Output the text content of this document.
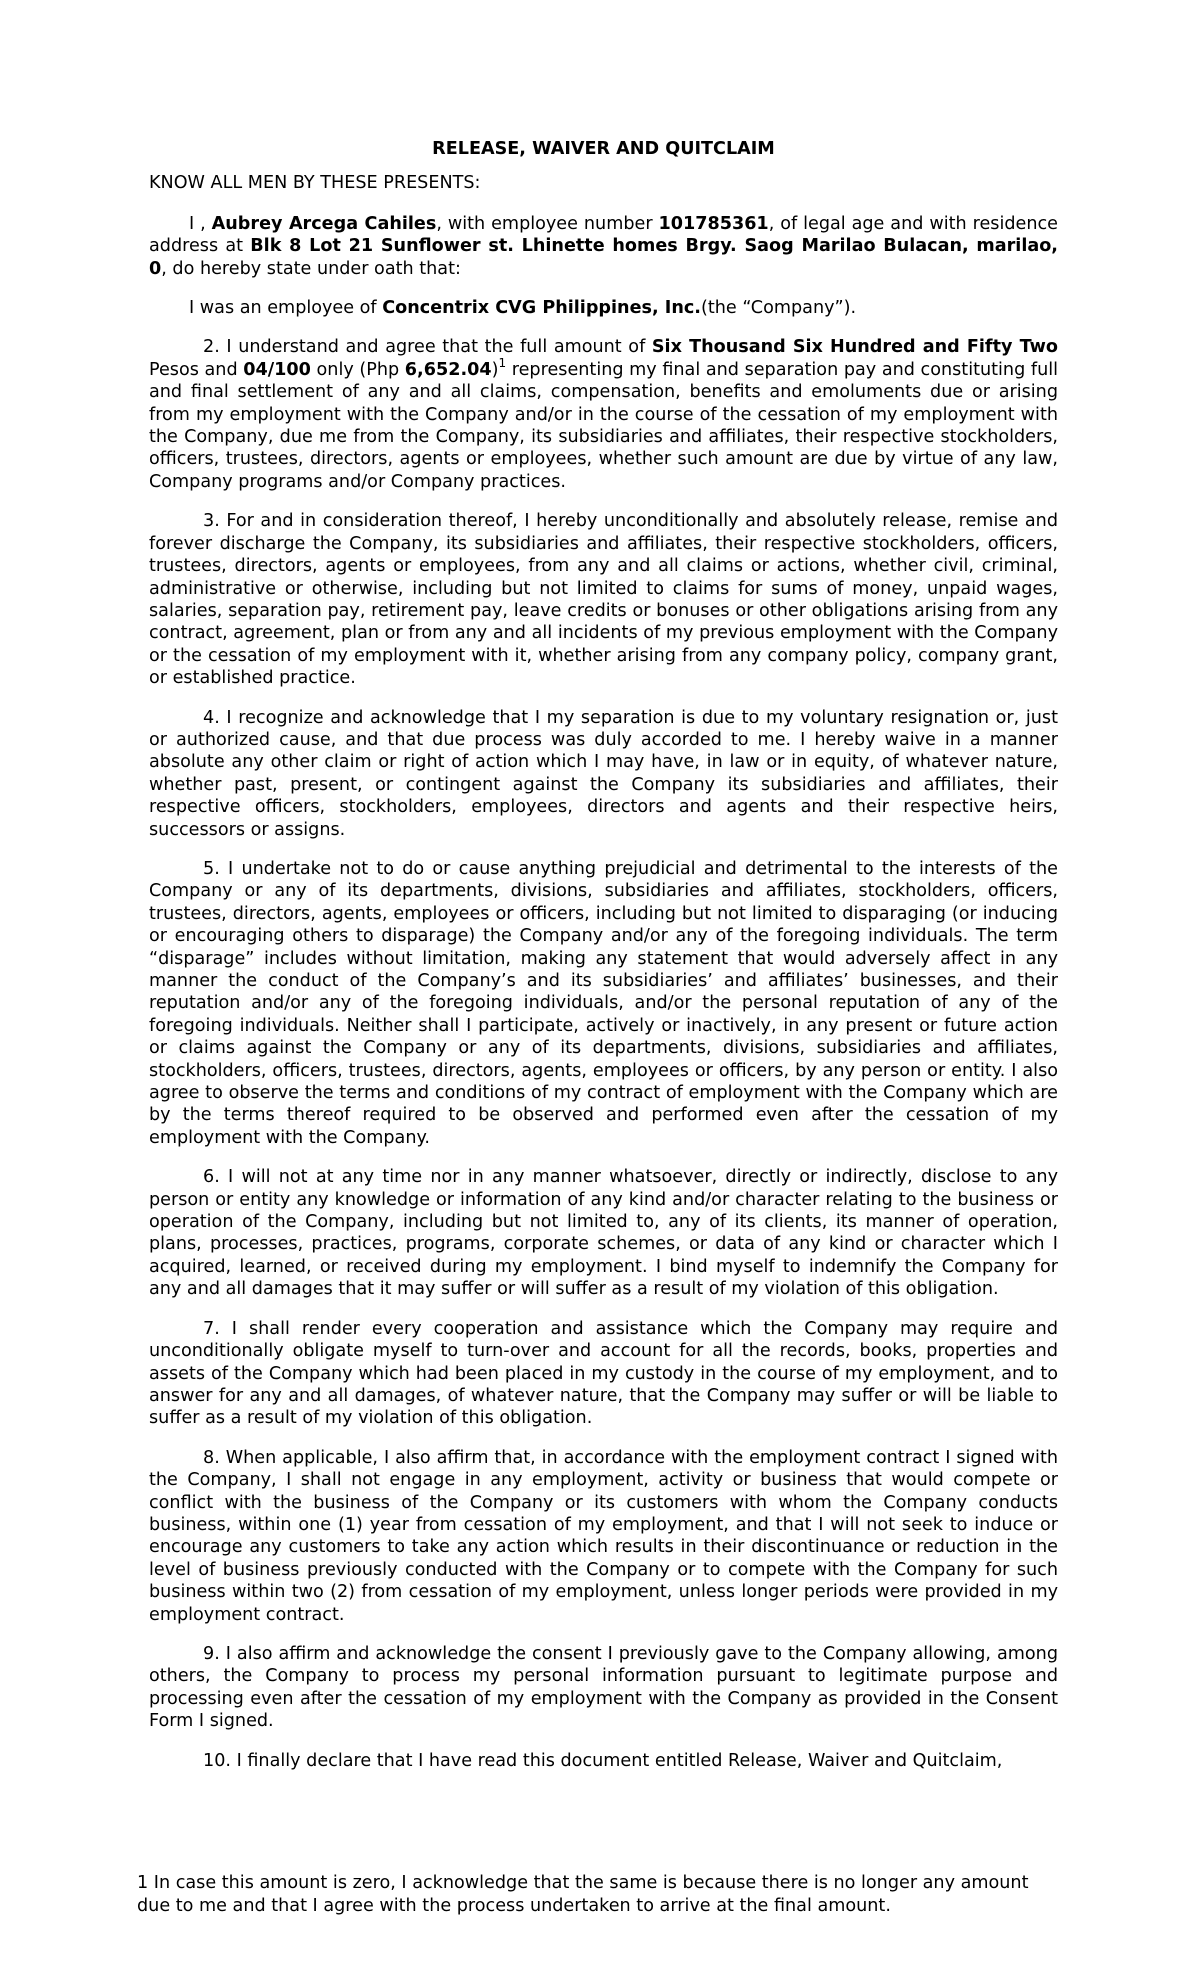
RELEASE, WAIVER AND QUITCLAIM
KNOW ALL MEN BY THESE PRESENTS:

I , Aubrey Arcega Cahiles, with employee number 101785361, of legal age and with residence address at Blk 8 Lot 21 Sunflower st. Lhinette homes Brgy. Saog Marilao Bulacan, marilao, 0, do hereby state under oath that:

I was an employee of Concentrix CVG Philippines, Inc.(the “Company”).

2. I understand and agree that the full amount of Six Thousand Six Hundred and Fifty Two Pesos and 04/100 only (Php 6,652.04)$^1$ representing my final and separation pay and constituting full and final settlement of any and all claims, compensation, benefits and emoluments due or arising from my employment with the Company and/or in the course of the cessation of my employment with the Company, due me from the Company, its subsidiaries and affiliates, their respective stockholders, officers, trustees, directors, agents or employees, whether such amount are due by virtue of any law, Company programs and/or Company practices.

3. For and in consideration thereof, I hereby unconditionally and absolutely release, remise and forever discharge the Company, its subsidiaries and affiliates, their respective stockholders, officers, trustees, directors, agents or employees, from any and all claims or actions, whether civil, criminal, administrative or otherwise, including but not limited to claims for sums of money, unpaid wages, salaries, separation pay, retirement pay, leave credits or bonuses or other obligations arising from any contract, agreement, plan or from any and all incidents of my previous employment with the Company or the cessation of my employment with it, whether arising from any company policy, company grant, or established practice.

4. I recognize and acknowledge that I my separation is due to my voluntary resignation or, just or authorized cause, and that due process was duly accorded to me. I hereby waive in a manner absolute any other claim or right of action which I may have, in law or in equity, of whatever nature, whether past, present, or contingent against the Company its subsidiaries and affiliates, their respective officers, stockholders, employees, directors and agents and their respective heirs, successors or assigns.

5. I undertake not to do or cause anything prejudicial and detrimental to the interests of the Company or any of its departments, divisions, subsidiaries and affiliates, stockholders, officers, trustees, directors, agents, employees or officers, including but not limited to disparaging (or inducing or encouraging others to disparage) the Company and/or any of the foregoing individuals. The term “disparage” includes without limitation, making any statement that would adversely affect in any manner the conduct of the Company’s and its subsidiaries’ and affiliates’ businesses, and their reputation and/or any of the foregoing individuals, and/or the personal reputation of any of the foregoing individuals. Neither shall I participate, actively or inactively, in any present or future action or claims against the Company or any of its departments, divisions, subsidiaries and affiliates, stockholders, officers, trustees, directors, agents, employees or officers, by any person or entity. I also agree to observe the terms and conditions of my contract of employment with the Company which are by the terms thereof required to be observed and performed even after the cessation of my employment with the Company.

6. I will not at any time nor in any manner whatsoever, directly or indirectly, disclose to any person or entity any knowledge or information of any kind and/or character relating to the business or operation of the Company, including but not limited to, any of its clients, its manner of operation, plans, processes, practices, programs, corporate schemes, or data of any kind or character which I acquired, learned, or received during my employment. I bind myself to indemnify the Company for any and all damages that it may suffer or will suffer as a result of my violation of this obligation.

7. I shall render every cooperation and assistance which the Company may require and unconditionally obligate myself to turn-over and account for all the records, books, properties and assets of the Company which had been placed in my custody in the course of my employment, and to answer for any and all damages, of whatever nature, that the Company may suffer or will be liable to suffer as a result of my violation of this obligation.

8. When applicable, I also affirm that, in accordance with the employment contract I signed with the Company, I shall not engage in any employment, activity or business that would compete or conflict with the business of the Company or its customers with whom the Company conducts business, within one (1) year from cessation of my employment, and that I will not seek to induce or encourage any customers to take any action which results in their discontinuance or reduction in the level of business previously conducted with the Company or to compete with the Company for such business within two (2) from cessation of my employment, unless longer periods were provided in my employment contract.

9. I also affirm and acknowledge the consent I previously gave to the Company allowing, among others, the Company to process my personal information pursuant to legitimate purpose and processing even after the cessation of my employment with the Company as provided in the Consent Form I signed.

10. I finally declare that I have read this document entitled Release, Waiver and Quitclaim,

1 In case this amount is zero, I acknowledge that the same is because there is no longer any amount due to me and that I agree with the process undertaken to arrive at the final amount.
